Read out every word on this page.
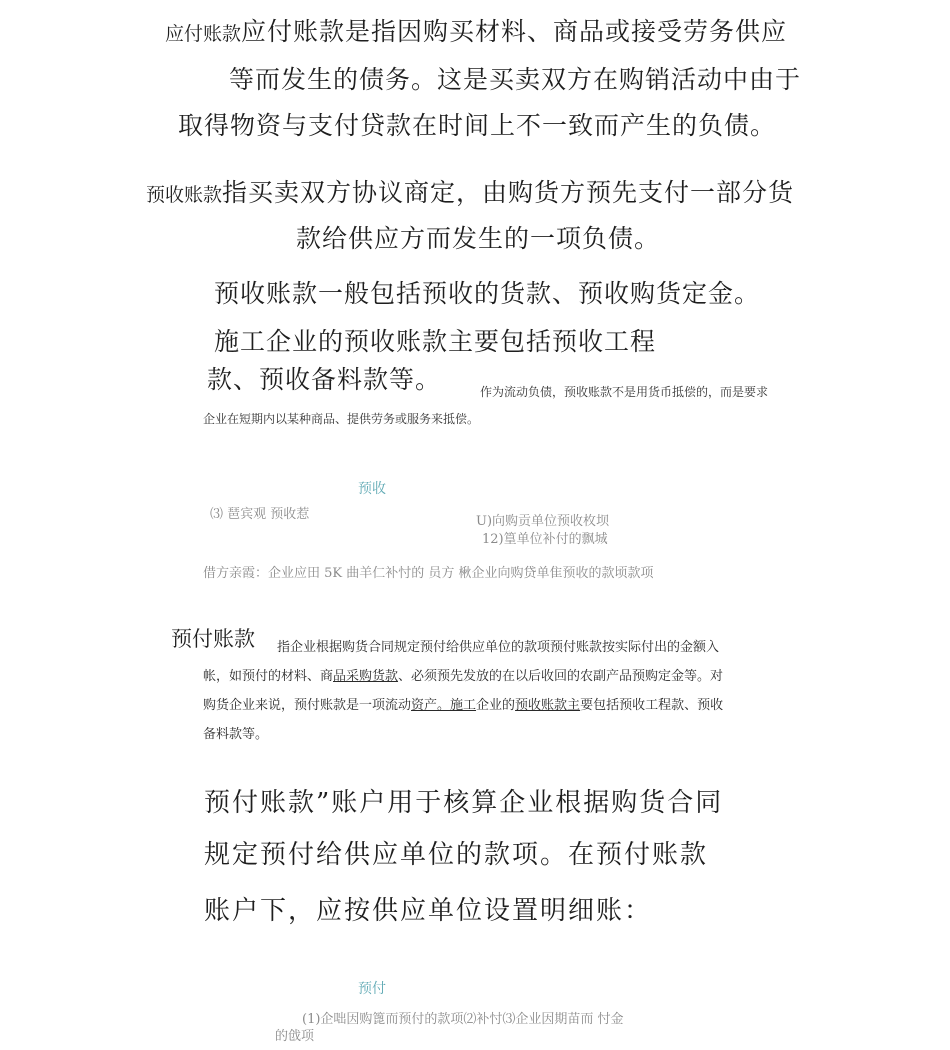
应付账款应付账款是指因购买材料、商品或接受劳务供应
等而发生的债务。这是买卖双方在购销活动中由于
取得物资与支付贷款在时间上不一致而产生的负债。
预收账款指买卖双方协议商定，由购货方预先支付一部分货
款给供应方而发生的一项负债。
预收账款一般包括预收的货款、预收购货定金。
施工企业的预收账款主要包括预收工程
款、预收备料款等。	作为流动负债，预收账款不是用货币抵偿的，而是要求
企业在短期内以某种商品、提供劳务或服务来抵偿。
预收
⑶ 琶宾观 预收惹	U)向购贡单位预收枚坝
12)篁单位补付的飘城
借方亲霞：企业应田 5K 曲羊仁补忖的 员方 楸企业向购贷单隹预收的款顷款项
预付账款 指企业根据购货合同规定预付给供应单位的款项预付账款按实际付出的金额入
帐，如预付的材料、商品采购货款、必须预先发放的在以后收回的农副产品预购定金等。对
购货企业来说，预付账款是一项流动资产。施工企业的预收账款主要包括预收工程款、预收
备料款等。
预付账款”账户用于核算企业根据购货合同
规定预付给供应单位的款项。在预付账款
账户下，应按供应单位设置明细账：
预付
(1)企咄因购篦而预付的款项⑵补忖⑶企业因期苗而 忖金
的戗项
